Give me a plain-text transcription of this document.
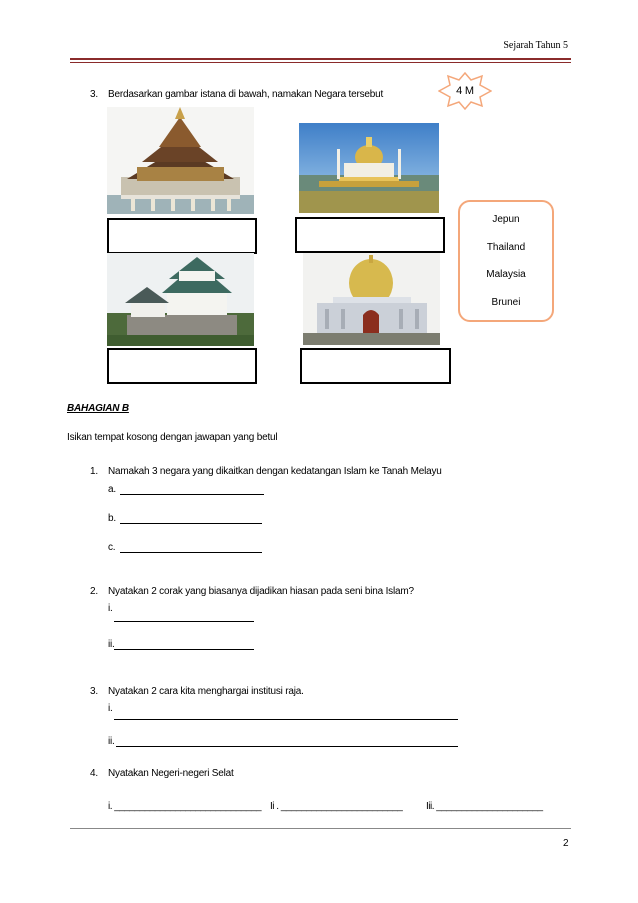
Sejarah Tahun 5
3. Berdasarkan gambar istana di bawah, namakan Negara tersebut	4 M
Jepun
Thailand
Malaysia
Brunei
BAHAGIAN B
Isikan tempat kosong dengan jawapan yang betul
1. Namakah 3 negara yang dikaitkan dengan kedatangan Islam ke Tanah Melayu
a.
b.
c.
2. Nyatakan 2 corak yang biasanya dijadikan hiasan pada seni bina Islam?
i.
ii.
3. Nyatakan 2 cara kita menghargai institusi raja.
i.
ii.
4. Nyatakan Negeri-negeri Selat
i. _____________________________ Ii . ________________________ Iii. _____________________
2
